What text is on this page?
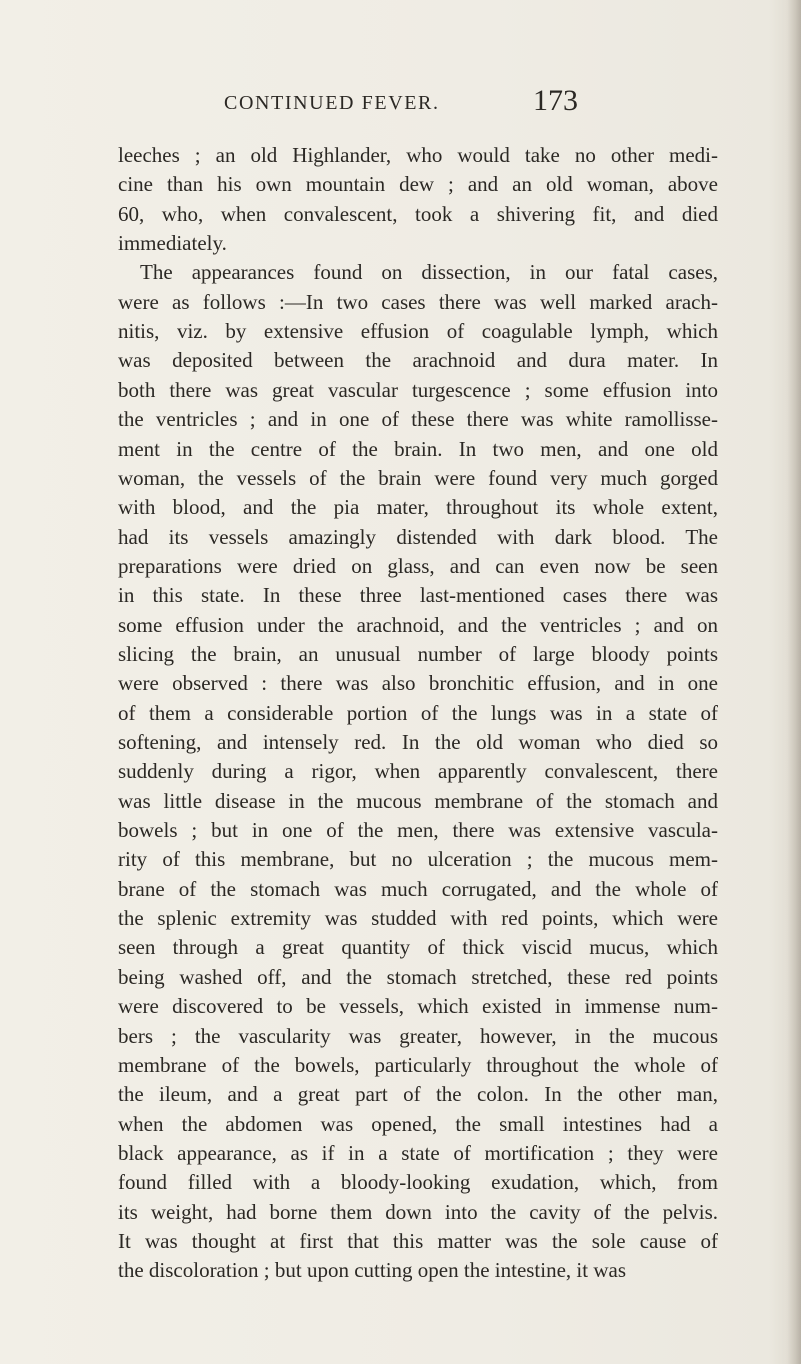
CONTINUED FEVER.	173
leeches ; an old Highlander, who would take no other medi-
cine than his own mountain dew ; and an old woman, above
60, who, when convalescent, took a shivering fit, and died
immediately.
The appearances found on dissection, in our fatal cases,
were as follows :—In two cases there was well marked arach-
nitis, viz. by extensive effusion of coagulable lymph, which
was deposited between the arachnoid and dura mater. In
both there was great vascular turgescence ; some effusion into
the ventricles ; and in one of these there was white ramollisse-
ment in the centre of the brain. In two men, and one old
woman, the vessels of the brain were found very much gorged
with blood, and the pia mater, throughout its whole extent,
had its vessels amazingly distended with dark blood. The
preparations were dried on glass, and can even now be seen
in this state. In these three last-mentioned cases there was
some effusion under the arachnoid, and the ventricles ; and on
slicing the brain, an unusual number of large bloody points
were observed : there was also bronchitic effusion, and in one
of them a considerable portion of the lungs was in a state of
softening, and intensely red. In the old woman who died so
suddenly during a rigor, when apparently convalescent, there
was little disease in the mucous membrane of the stomach and
bowels ; but in one of the men, there was extensive vascula-
rity of this membrane, but no ulceration ; the mucous mem-
brane of the stomach was much corrugated, and the whole of
the splenic extremity was studded with red points, which were
seen through a great quantity of thick viscid mucus, which
being washed off, and the stomach stretched, these red points
were discovered to be vessels, which existed in immense num-
bers ; the vascularity was greater, however, in the mucous
membrane of the bowels, particularly throughout the whole of
the ileum, and a great part of the colon. In the other man,
when the abdomen was opened, the small intestines had a
black appearance, as if in a state of mortification ; they were
found filled with a bloody-looking exudation, which, from
its weight, had borne them down into the cavity of the pelvis.
It was thought at first that this matter was the sole cause of
the discoloration ; but upon cutting open the intestine, it was
